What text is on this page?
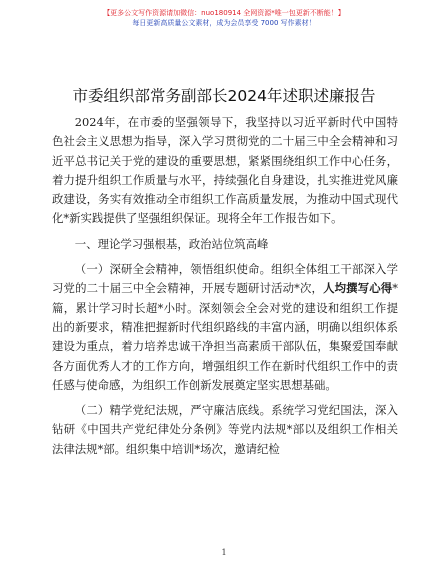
【更多公文写作资源请加微信：nuo180914 全网资源*唯一包更新不断能！】
每日更新高质量公文素材，成为会员享受 7000 写作素材！
市委组织部常务副部长2024年述职述廉报告

2024年，在市委的坚强领导下，我坚持以习近平新时代中国特色社会主义思想为指导，深入学习贯彻党的二十届三中全会精神和习近平总书记关于党的建设的重要思想，紧紧围绕组织工作中心任务，着力提升组织工作质量与水平，持续强化自身建设，扎实推进党风廉政建设，务实有效推动全市组织工作高质量发展，为推动中国式现代化*新实践提供了坚强组织保证。现将全年工作报告如下。

一、理论学习强根基，政治站位筑高峰

（一）深研全会精神，领悟组织使命。组织全体组工干部深入学习党的二十届三中全会精神，开展专题研讨活动*次，人均撰写心得*篇，累计学习时长超*小时。深刻领会全会对党的建设和组织工作提出的新要求，精准把握新时代组织路线的丰富内涵，明确以组织体系建设为重点，着力培养忠诚干净担当高素质干部队伍，集聚爱国奉献各方面优秀人才的工作方向，增强组织工作在新时代组织工作中的责任感与使命感，为组织工作创新发展奠定坚实思想基础。

（二）精学党纪法规，严守廉洁底线。系统学习党纪国法，深入钻研《中国共产党纪律处分条例》等党内法规*部以及组织工作相关法律法规*部。组织集中培训*场次，邀请纪检

1
